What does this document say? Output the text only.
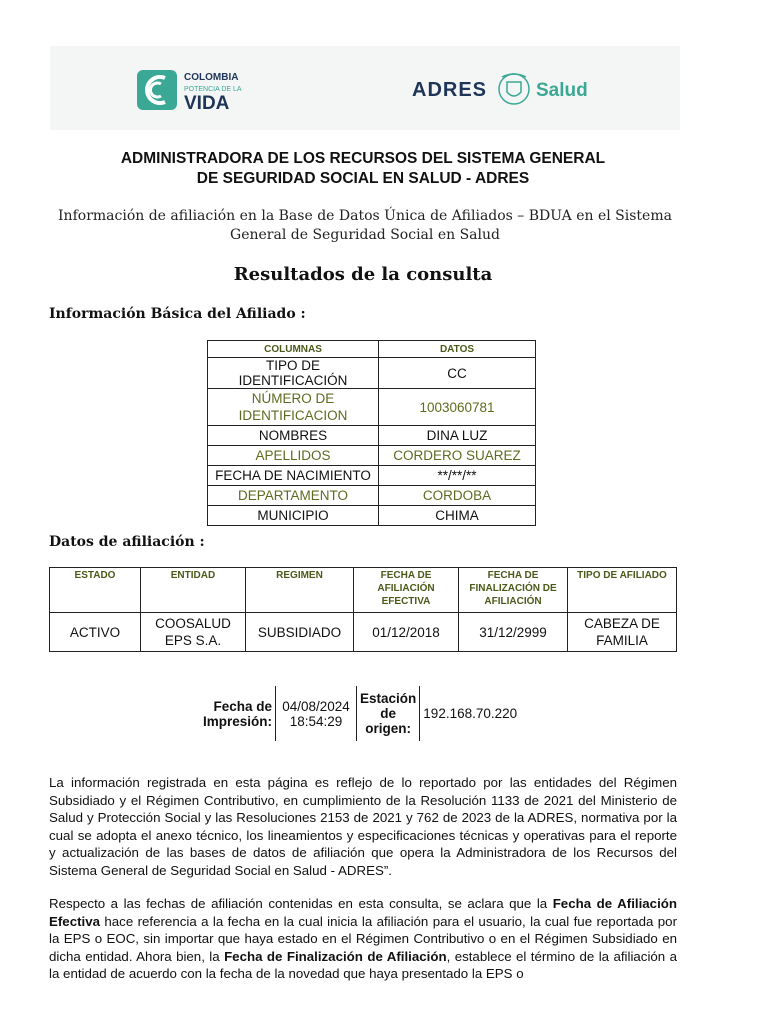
COLOMBIA
POTENCIA DE LA
VIDA
ADRES	Salud
ADMINISTRADORA DE LOS RECURSOS DEL SISTEMA GENERAL
DE SEGURIDAD SOCIAL EN SALUD - ADRES
Información de afiliación en la Base de Datos Única de Afiliados – BDUA en el Sistema
General de Seguridad Social en Salud
Resultados de la consulta
Información Básica del Afiliado :
COLUMNAS	DATOS
TIPO DE IDENTIFICACIÓN	CC
NÚMERO DE IDENTIFICACION	1003060781
NOMBRES	DINA LUZ
APELLIDOS	CORDERO SUAREZ
FECHA DE NACIMIENTO	**/**/**
DEPARTAMENTO	CORDOBA
MUNICIPIO	CHIMA
Datos de afiliación :
ESTADO	ENTIDAD	REGIMEN	FECHA DE AFILIACIÓN EFECTIVA	FECHA DE FINALIZACIÓN DE AFILIACIÓN	TIPO DE AFILIADO
ACTIVO	COOSALUD EPS S.A.	SUBSIDIADO	01/12/2018	31/12/2999	CABEZA DE FAMILIA
Fecha de Impresión:	04/08/2024 18:54:29	Estación de origen:	192.168.70.220
La información registrada en esta página es reflejo de lo reportado por las entidades del Régimen Subsidiado y el Régimen Contributivo, en cumplimiento de la Resolución 1133 de 2021 del Ministerio de Salud y Protección Social y las Resoluciones 2153 de 2021 y 762 de 2023 de la ADRES, normativa por la cual se adopta el anexo técnico, los lineamientos y especificaciones técnicas y operativas para el reporte y actualización de las bases de datos de afiliación que opera la Administradora de los Recursos del Sistema General de Seguridad Social en Salud - ADRES”.
Respecto a las fechas de afiliación contenidas en esta consulta, se aclara que la Fecha de Afiliación Efectiva hace referencia a la fecha en la cual inicia la afiliación para el usuario, la cual fue reportada por la EPS o EOC, sin importar que haya estado en el Régimen Contributivo o en el Régimen Subsidiado en dicha entidad. Ahora bien, la Fecha de Finalización de Afiliación, establece el término de la afiliación a la entidad de acuerdo con la fecha de la novedad que haya presentado la EPS o
